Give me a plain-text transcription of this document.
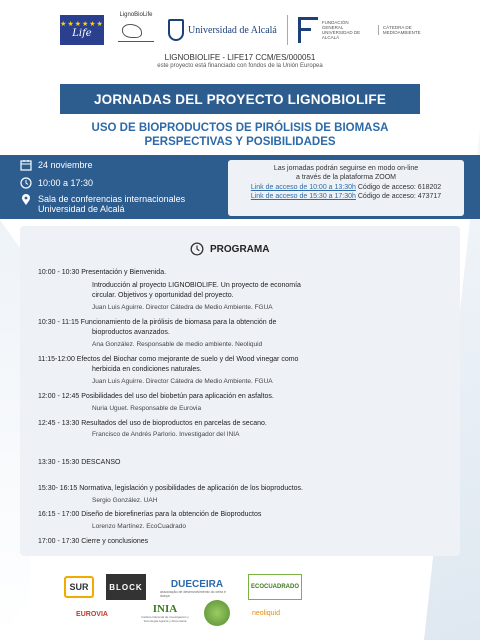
★★★★★★
Life
LignoBioLife
Universidad de Alcalá
FUNDACIÓN GENERAL UNIVERSIDAD DE ALCALÁ
CÁTEDRA DE MEDIOAMBIENTE
LIGNOBIOLIFE - LIFE17 CCM/ES/000051
este proyecto está financiado con fondos de la Unión Europea
JORNADAS DEL PROYECTO LIGNOBIOLIFE
USO DE BIOPRODUCTOS DE PIRÓLISIS DE BIOMASA
PERSPECTIVAS Y POSIBILIDADES
24 noviembre
10:00 a 17:30
Sala de conferencias internacionales
Universidad de Alcalá
Las jornadas podrán seguirse en modo on-line
a través de la plataforma ZOOM
Link de acceso de 10:00 a 13:30h Código de acceso: 618202
Link de acceso de 15:30 a 17:30h Código de acceso: 473717
PROGRAMA
10:00 - 10:30 Presentación y Bienvenida.
Introducción al proyecto LIGNOBIOLIFE. Un proyecto de economía
circular. Objetivos y oportunidad del proyecto.
Juan Luis Aguirre. Director Cátedra de Medio Ambiente. FGUA
10:30 - 11:15 Funcionamiento de la pirólisis de biomasa para la obtención de
bioproductos avanzados.
Ana González. Responsable de medio ambiente. Neoliquid
11:15-12:00 Efectos del Biochar como mejorante de suelo y del Wood vinegar como
herbicida en condiciones naturales.
Juan Luis Aguirre. Director Cátedra de Medio Ambiente. FGUA
12:00 - 12:45 Posibilidades del uso del biobetún para aplicación en asfaltos.
Nuria Uguet. Responsable de Eurovia
12:45 - 13:30 Resultados del uso de bioproductos en parcelas de secano.
Francisco de Andrés Parlorio. Investigador del INIA
13:30 - 15:30 DESCANSO
15:30- 16:15 Normativa, legislación y posibilidades de aplicación de los bioproductos.
Sergio González. UAH
16:15 - 17:00 Diseño de biorefinerías para la obtención de Bioproductos
Lorenzo Martínez. EcoCuadrado
17:00 - 17:30 Cierre y conclusiones
SUR	BLOCK	DUECEIRA
associação de desenvolvimento do ceira e dueça
ECOCUADRADO
EUROVIA	INIA
Instituto Nacional de Investigación y Tecnología Agraria y Alimentaria
neoliquid
